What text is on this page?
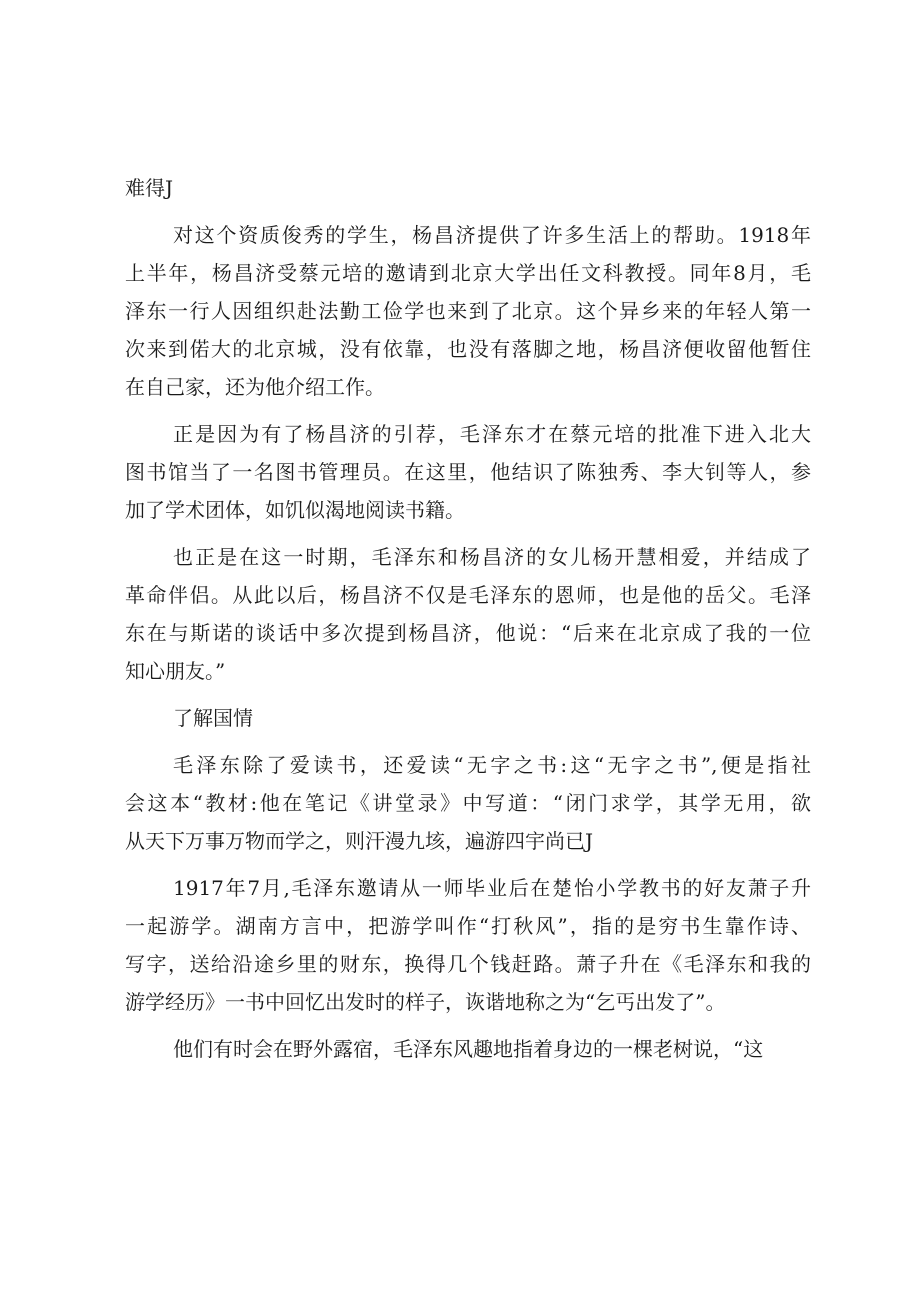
难得J
对这个资质俊秀的学生，杨昌济提供了许多生活上的帮助。1918年
上半年，杨昌济受蔡元培的邀请到北京大学出任文科教授。同年8月，毛
泽东一行人因组织赴法勤工俭学也来到了北京。这个异乡来的年轻人第一
次来到偌大的北京城，没有依靠，也没有落脚之地，杨昌济便收留他暂住
在自己家，还为他介绍工作。
正是因为有了杨昌济的引荐，毛泽东才在蔡元培的批准下进入北大
图书馆当了一名图书管理员。在这里，他结识了陈独秀、李大钊等人，参
加了学术团体，如饥似渴地阅读书籍。
也正是在这一时期，毛泽东和杨昌济的女儿杨开慧相爱，并结成了
革命伴侣。从此以后，杨昌济不仅是毛泽东的恩师，也是他的岳父。毛泽
东在与斯诺的谈话中多次提到杨昌济，他说：“后来在北京成了我的一位
知心朋友。”
了解国情
毛泽东除了爱读书，还爱读“无字之书:这“无字之书”,便是指社
会这本“教材:他在笔记《讲堂录》中写道：“闭门求学，其学无用，欲
从天下万事万物而学之，则汗漫九垓，遍游四宇尚已J
1917年7月,毛泽东邀请从一师毕业后在楚怡小学教书的好友萧子升
一起游学。湖南方言中，把游学叫作“打秋风”，指的是穷书生靠作诗、
写字，送给沿途乡里的财东，换得几个钱赶路。萧子升在《毛泽东和我的
游学经历》一书中回忆出发时的样子，诙谐地称之为“乞丐出发了”。
他们有时会在野外露宿，毛泽东风趣地指着身边的一棵老树说，“这
